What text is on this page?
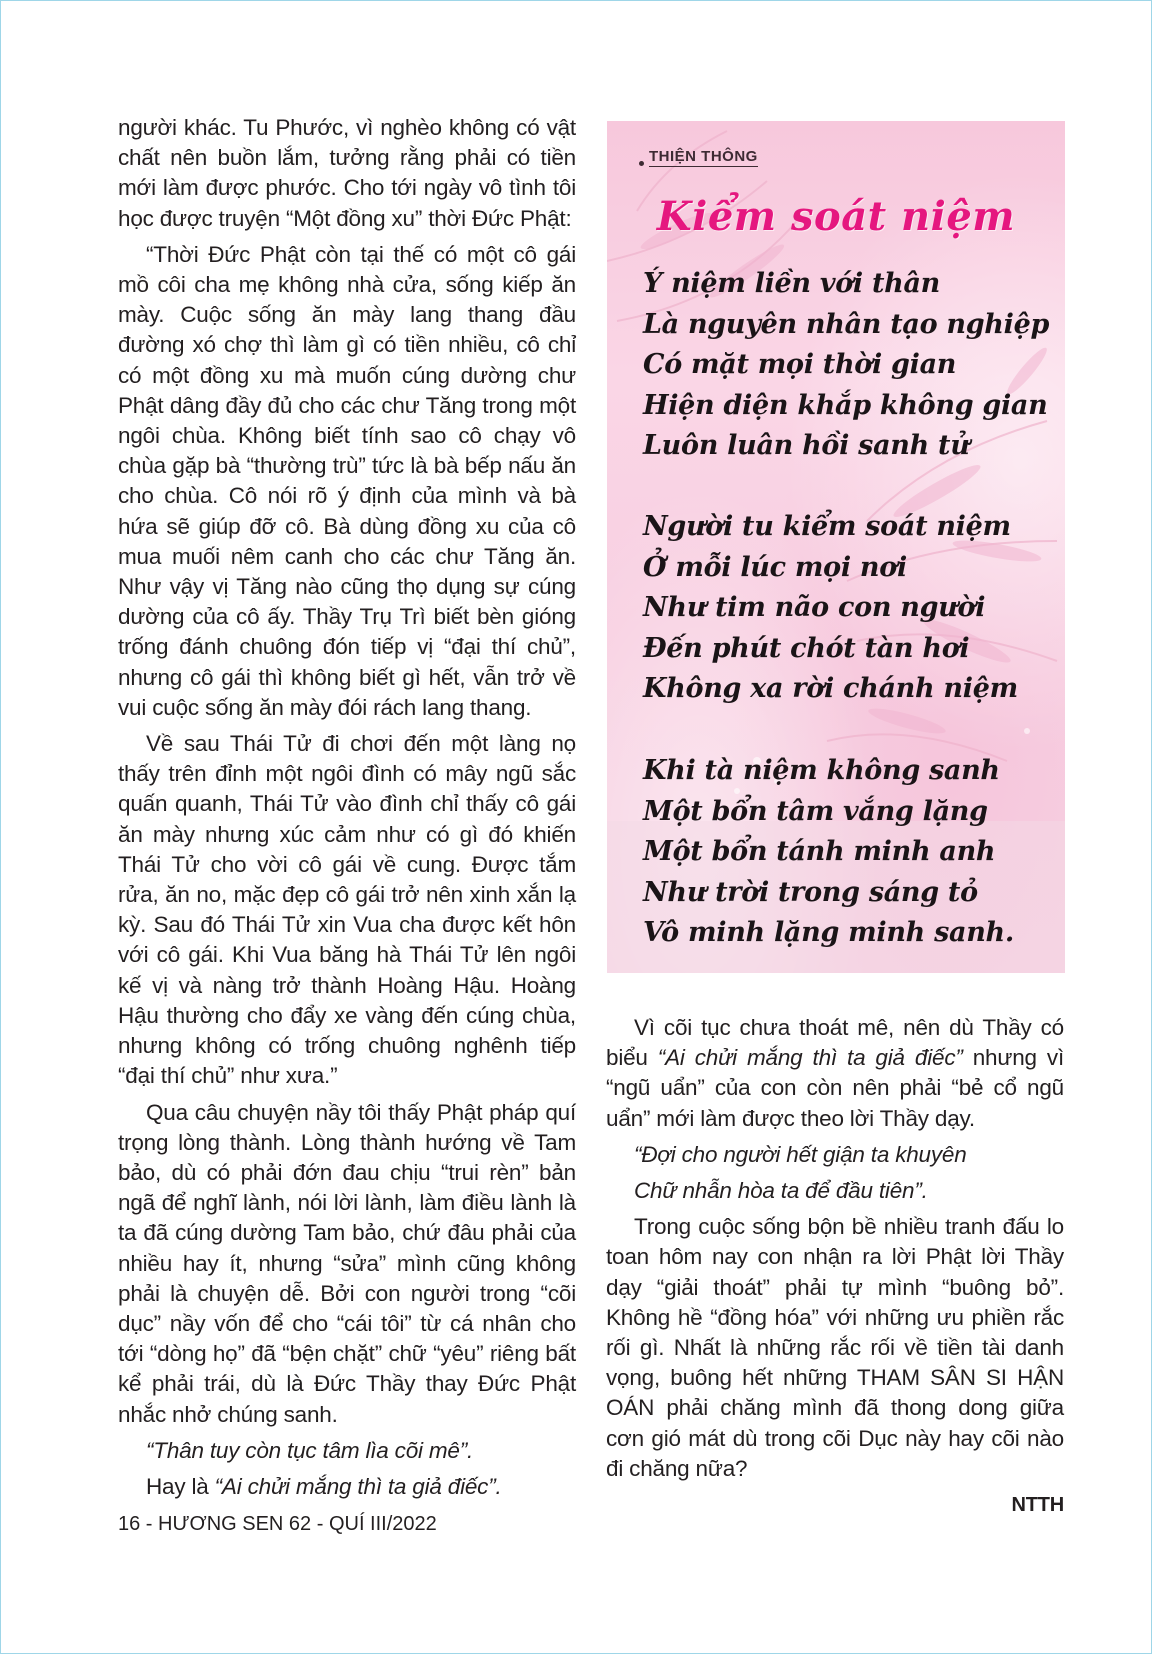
người khác. Tu Phước, vì nghèo không có vật chất nên buồn lắm, tưởng rằng phải có tiền mới làm được phước. Cho tới ngày vô tình tôi học được truyện “Một đồng xu” thời Đức Phật:

“Thời Đức Phật còn tại thế có một cô gái mồ côi cha mẹ không nhà cửa, sống kiếp ăn mày. Cuộc sống ăn mày lang thang đầu đường xó chợ thì làm gì có tiền nhiều, cô chỉ có một đồng xu mà muốn cúng dường chư Phật dâng đầy đủ cho các chư Tăng trong một ngôi chùa. Không biết tính sao cô chạy vô chùa gặp bà “thường trù” tức là bà bếp nấu ăn cho chùa. Cô nói rõ ý định của mình và bà hứa sẽ giúp đỡ cô. Bà dùng đồng xu của cô mua muối nêm canh cho các chư Tăng ăn. Như vậy vị Tăng nào cũng thọ dụng sự cúng dường của cô ấy. Thầy Trụ Trì biết bèn gióng trống đánh chuông đón tiếp vị “đại thí chủ”, nhưng cô gái thì không biết gì hết, vẫn trở về vui cuộc sống ăn mày đói rách lang thang.

Về sau Thái Tử đi chơi đến một làng nọ thấy trên đỉnh một ngôi đình có mây ngũ sắc quấn quanh, Thái Tử vào đình chỉ thấy cô gái ăn mày nhưng xúc cảm như có gì đó khiến Thái Tử cho vời cô gái về cung. Được tắm rửa, ăn no, mặc đẹp cô gái trở nên xinh xắn lạ kỳ. Sau đó Thái Tử xin Vua cha được kết hôn với cô gái. Khi Vua băng hà Thái Tử lên ngôi kế vị và nàng trở thành Hoàng Hậu. Hoàng Hậu thường cho đẩy xe vàng đến cúng chùa, nhưng không có trống chuông nghênh tiếp “đại thí chủ” như xưa.”

Qua câu chuyện nầy tôi thấy Phật pháp quí trọng lòng thành. Lòng thành hướng về Tam bảo, dù có phải đớn đau chịu “trui rèn” bản ngã để nghĩ lành, nói lời lành, làm điều lành là ta đã cúng dường Tam bảo, chứ đâu phải của nhiều hay ít, nhưng “sửa” mình cũng không phải là chuyện dễ. Bởi con người trong “cõi dục” nầy vốn để cho “cái tôi” từ cá nhân cho tới “dòng họ” đã “bện chặt” chữ “yêu” riêng bất kể phải trái, dù là Đức Thầy thay Đức Phật nhắc nhở chúng sanh.

“Thân tuy còn tục tâm lìa cõi mê”.

Hay là “Ai chửi mắng thì ta giả điếc”.

THIỆN THÔNG
Kiểm soát niệm
Ý niệm liền với thân
Là nguyên nhân tạo nghiệp
Có mặt mọi thời gian
Hiện diện khắp không gian
Luôn luân hồi sanh tử
Người tu kiểm soát niệm
Ở mỗi lúc mọi nơi
Như tim não con người
Đến phút chót tàn hơi
Không xa rời chánh niệm
Khi tà niệm không sanh
Một bổn tâm vắng lặng
Một bổn tánh minh anh
Như trời trong sáng tỏ
Vô minh lặng minh sanh.

Vì cõi tục chưa thoát mê, nên dù Thầy có biểu “Ai chửi mắng thì ta giả điếc” nhưng vì “ngũ uẩn” của con còn nên phải “bẻ cổ ngũ uẩn” mới làm được theo lời Thầy dạy.

“Đợi cho người hết giận ta khuyên

Chữ nhẫn hòa ta để đầu tiên”.

Trong cuộc sống bộn bề nhiều tranh đấu lo toan hôm nay con nhận ra lời Phật lời Thầy dạy “giải thoát” phải tự mình “buông bỏ”. Không hề “đồng hóa” với những ưu phiền rắc rối gì. Nhất là những rắc rối về tiền tài danh vọng, buông hết những THAM SÂN SI HẬN OÁN phải chăng mình đã thong dong giữa cơn gió mát dù trong cõi Dục này hay cõi nào đi chăng nữa?

NTTH
16 - HƯƠNG SEN 62 - QUÍ III/2022
